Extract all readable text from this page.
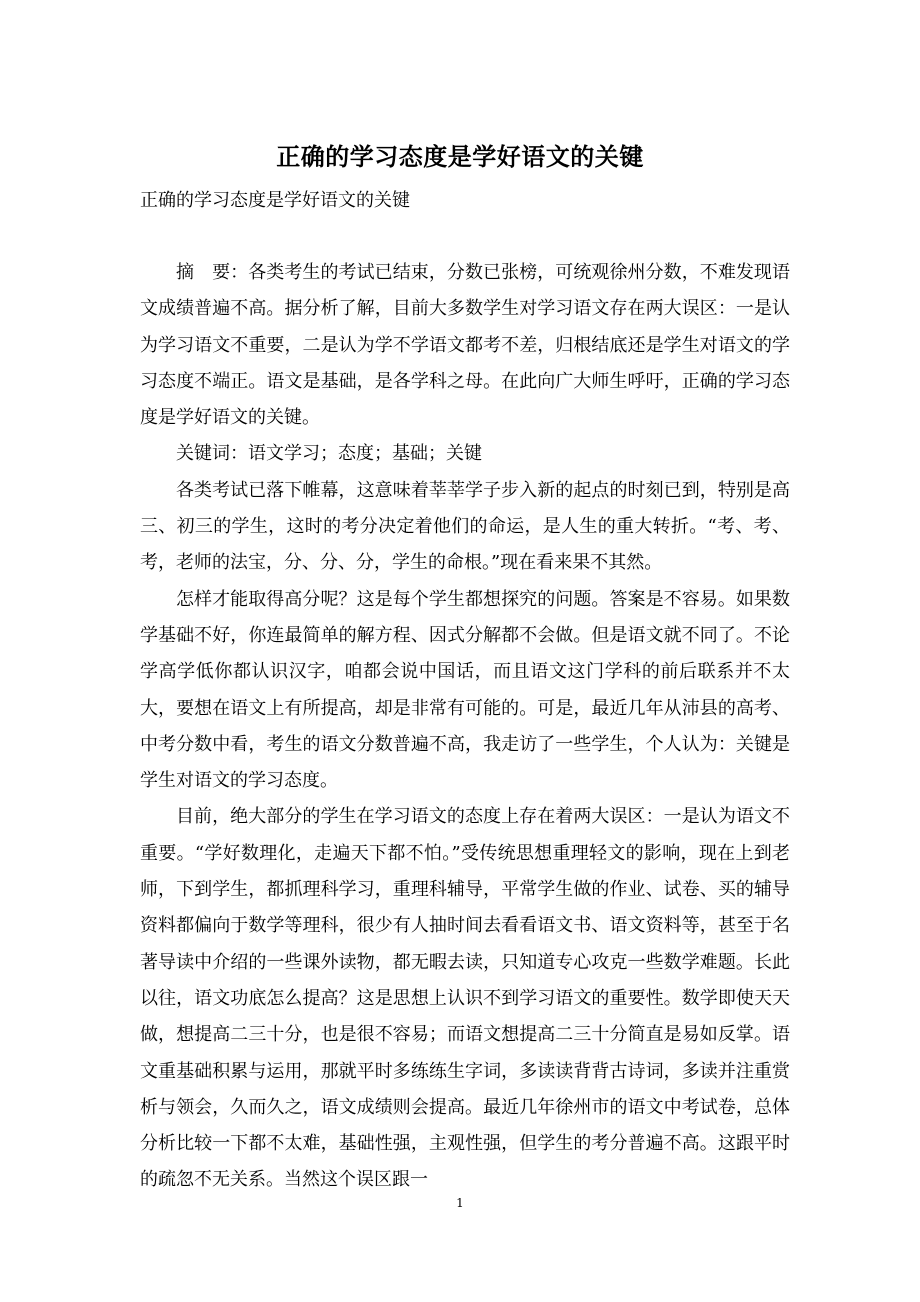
正确的学习态度是学好语文的关键
正确的学习态度是学好语文的关键

摘　要：各类考生的考试已结束，分数已张榜，可统观徐州分数，不难发现语文成绩普遍不高。据分析了解，目前大多数学生对学习语文存在两大误区：一是认为学习语文不重要，二是认为学不学语文都考不差，归根结底还是学生对语文的学习态度不端正。语文是基础，是各学科之母。在此向广大师生呼吁，正确的学习态度是学好语文的关键。

关键词：语文学习；态度；基础；关键

各类考试已落下帷幕，这意味着莘莘学子步入新的起点的时刻已到，特别是高三、初三的学生，这时的考分决定着他们的命运，是人生的重大转折。“考、考、考，老师的法宝，分、分、分，学生的命根。”现在看来果不其然。

怎样才能取得高分呢？这是每个学生都想探究的问题。答案是不容易。如果数学基础不好，你连最简单的解方程、因式分解都不会做。但是语文就不同了。不论学高学低你都认识汉字，咱都会说中国话，而且语文这门学科的前后联系并不太大，要想在语文上有所提高，却是非常有可能的。可是，最近几年从沛县的高考、中考分数中看，考生的语文分数普遍不高，我走访了一些学生，个人认为：关键是学生对语文的学习态度。

目前，绝大部分的学生在学习语文的态度上存在着两大误区：一是认为语文不重要。“学好数理化，走遍天下都不怕。”受传统思想重理轻文的影响，现在上到老师，下到学生，都抓理科学习，重理科辅导，平常学生做的作业、试卷、买的辅导资料都偏向于数学等理科，很少有人抽时间去看看语文书、语文资料等，甚至于名著导读中介绍的一些课外读物，都无暇去读，只知道专心攻克一些数学难题。长此以往，语文功底怎么提高？这是思想上认识不到学习语文的重要性。数学即使天天做，想提高二三十分，也是很不容易；而语文想提高二三十分简直是易如反掌。语文重基础积累与运用，那就平时多练练生字词，多读读背背古诗词，多读并注重赏析与领会，久而久之，语文成绩则会提高。最近几年徐州市的语文中考试卷，总体分析比较一下都不太难，基础性强，主观性强，但学生的考分普遍不高。这跟平时的疏忽不无关系。当然这个误区跟一

1
